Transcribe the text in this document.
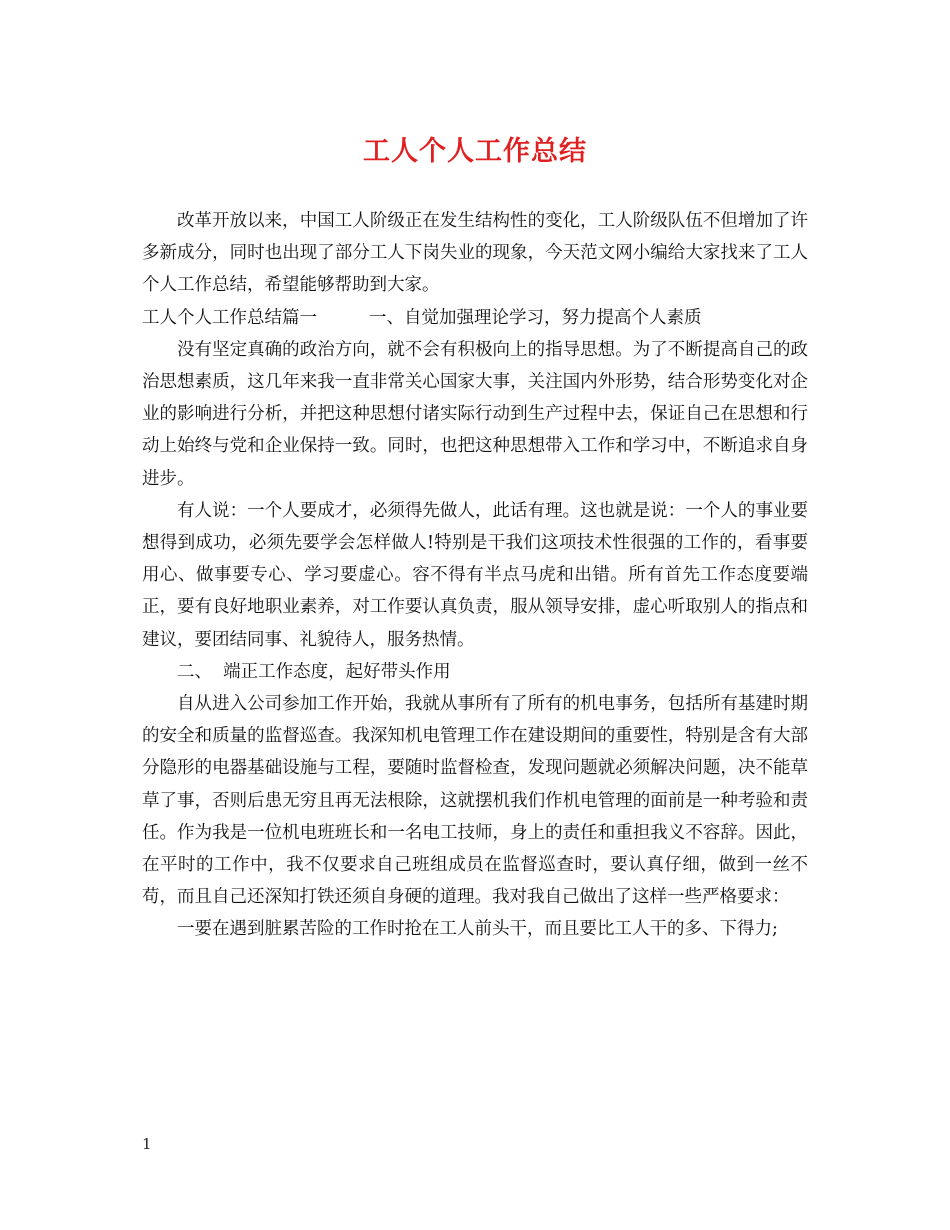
工人个人工作总结

改革开放以来，中国工人阶级正在发生结构性的变化，工人阶级队伍不但增加了许多新成分，同时也出现了部分工人下岗失业的现象，今天范文网小编给大家找来了工人个人工作总结，希望能够帮助到大家。

工人个人工作总结篇一	一、自觉加强理论学习，努力提高个人素质

没有坚定真确的政治方向，就不会有积极向上的指导思想。为了不断提高自己的政治思想素质，这几年来我一直非常关心国家大事，关注国内外形势，结合形势变化对企业的影响进行分析，并把这种思想付诸实际行动到生产过程中去，保证自己在思想和行动上始终与党和企业保持一致。同时，也把这种思想带入工作和学习中，不断追求自身进步。

有人说：一个人要成才，必须得先做人，此话有理。这也就是说：一个人的事业要想得到成功，必须先要学会怎样做人!特别是干我们这项技术性很强的工作的，看事要用心、做事要专心、学习要虚心。容不得有半点马虎和出错。所有首先工作态度要端正，要有良好地职业素养，对工作要认真负责，服从领导安排，虚心听取别人的指点和建议，要团结同事、礼貌待人，服务热情。

二、  端正工作态度，起好带头作用

自从进入公司参加工作开始，我就从事所有了所有的机电事务，包括所有基建时期的安全和质量的监督巡查。我深知机电管理工作在建设期间的重要性，特别是含有大部分隐形的电器基础设施与工程，要随时监督检查，发现问题就必须解决问题，决不能草草了事，否则后患无穷且再无法根除，这就摆机我们作机电管理的面前是一种考验和责任。作为我是一位机电班班长和一名电工技师，身上的责任和重担我义不容辞。因此，在平时的工作中，我不仅要求自己班组成员在监督巡查时，要认真仔细，做到一丝不苟，而且自己还深知打铁还须自身硬的道理。我对我自己做出了这样一些严格要求：

一要在遇到脏累苦险的工作时抢在工人前头干，而且要比工人干的多、下得力;

1
